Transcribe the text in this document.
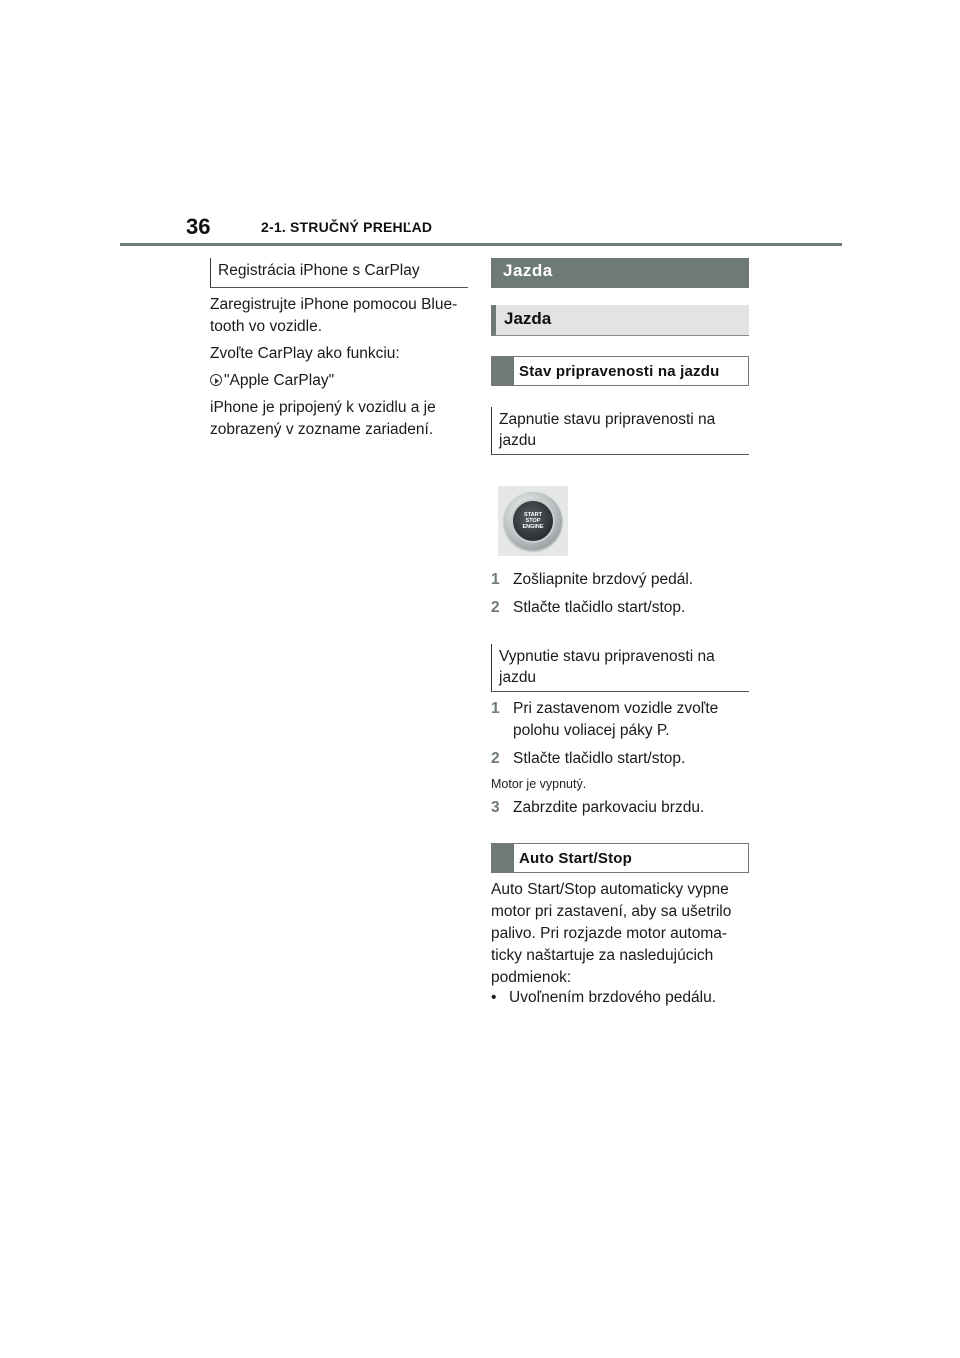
36	2-1. STRUČNÝ PREHĽAD
Registrácia iPhone s CarPlay
Zaregistrujte iPhone pomocou Blue-
tooth vo vozidle.
Zvoľte CarPlay ako funkciu:
"Apple CarPlay"
iPhone je pripojený k vozidlu a je
zobrazený v zozname zariadení.
Jazda
Jazda
Stav pripravenosti na jazdu
Zapnutie stavu pripravenosti na
jazdu
START
STOP
ENGINE
1 Zošliapnite brzdový pedál.
2 Stlačte tlačidlo start/stop.
Vypnutie stavu pripravenosti na
jazdu
1 Pri zastavenom vozidle zvoľte
polohu voliacej páky P.
2 Stlačte tlačidlo start/stop.
Motor je vypnutý.
3 Zabrzdite parkovaciu brzdu.
Auto Start/Stop
Auto Start/Stop automaticky vypne
motor pri zastavení, aby sa ušetrilo
palivo. Pri rozjazde motor automa-
ticky naštartuje za nasledujúcich
podmienok:
• Uvoľnením brzdového pedálu.
